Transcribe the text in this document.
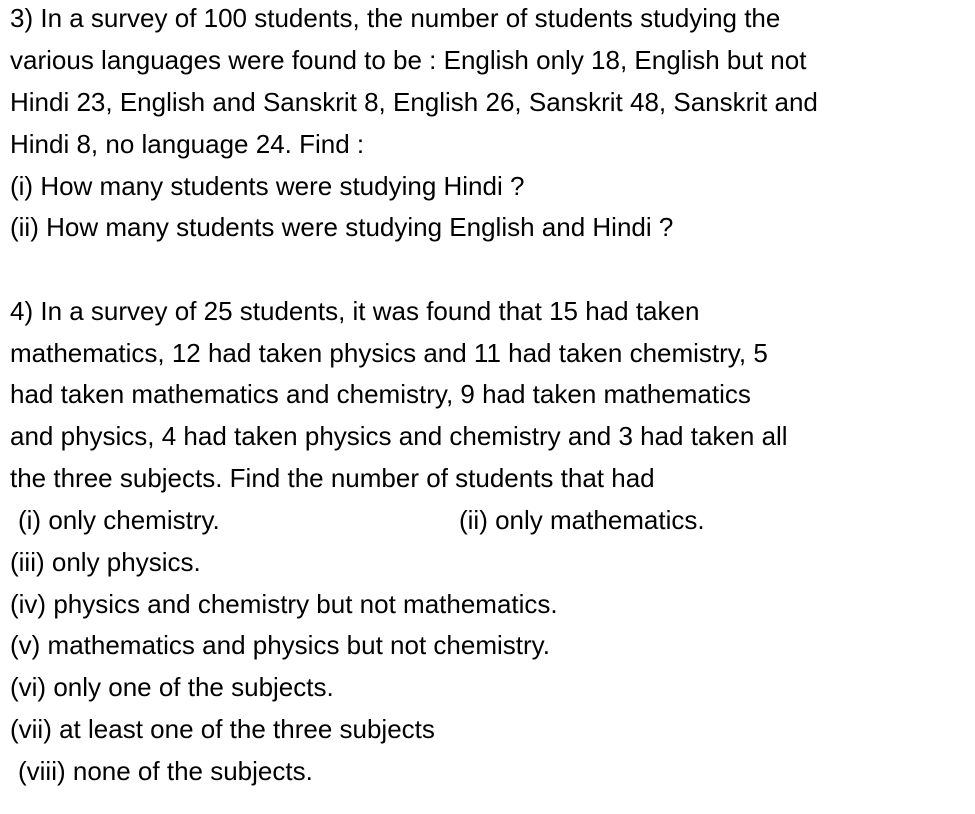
3) In a survey of 100 students, the number of students studying the
various languages were found to be : English only 18, English but not
Hindi 23, English and Sanskrit 8, English 26, Sanskrit 48, Sanskrit and
Hindi 8, no language 24. Find :
(i) How many students were studying Hindi ?
(ii) How many students were studying English and Hindi ?
4) In a survey of 25 students, it was found that 15 had taken
mathematics, 12 had taken physics and 11 had taken chemistry, 5
had taken mathematics and chemistry, 9 had taken mathematics
and physics, 4 had taken physics and chemistry and 3 had taken all
the three subjects. Find the number of students that had
(i) only chemistry.	(ii) only mathematics.
(iii) only physics.
(iv) physics and chemistry but not mathematics.
(v) mathematics and physics but not chemistry.
(vi) only one of the subjects.
(vii) at least one of the three subjects
(viii) none of the subjects.
